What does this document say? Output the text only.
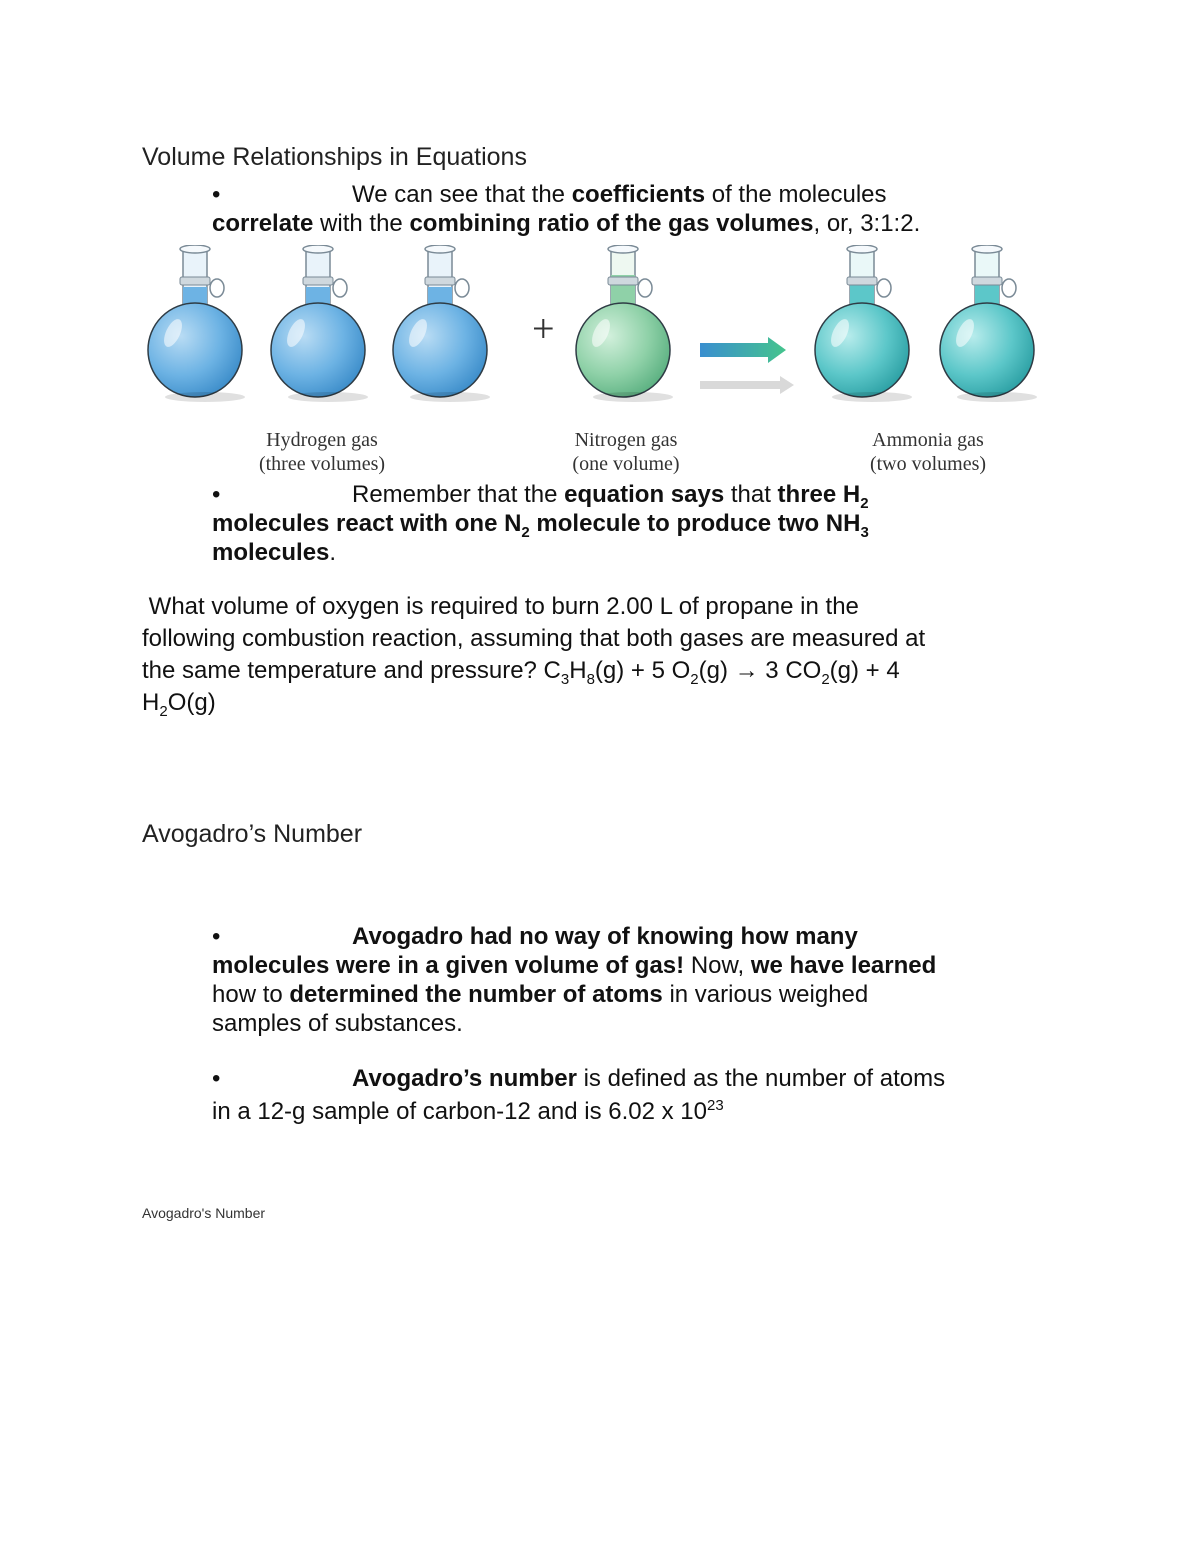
Volume Relationships in Equations
•	We can see that the coefficients of the molecules
correlate with the combining ratio of the gas volumes, or, 3:1:2.
+
Hydrogen gas
(three volumes)
Nitrogen gas
(one volume)
Ammonia gas
(two volumes)
•	Remember that the equation says that three $H_2$
molecules react with one $N_2$ molecule to produce two $NH_3$
molecules.
What volume of oxygen is required to burn 2.00 L of propane in the
following combustion reaction, assuming that both gases are measured at
the same temperature and pressure? $C_3H_8(g) + 5$ $O_2(g) \to 3$ $CO_2(g) + 4$
$H_2O(g)$
Avogadro’s Number
•	Avogadro had no way of knowing how many
molecules were in a given volume of gas! Now, we have learned
how to determined the number of atoms in various weighed
samples of substances.
•	Avogadro’s number is defined as the number of atoms
in a 12-g sample of carbon-12 and is 6.02 x $10^{23}$
Avogadro's Number
